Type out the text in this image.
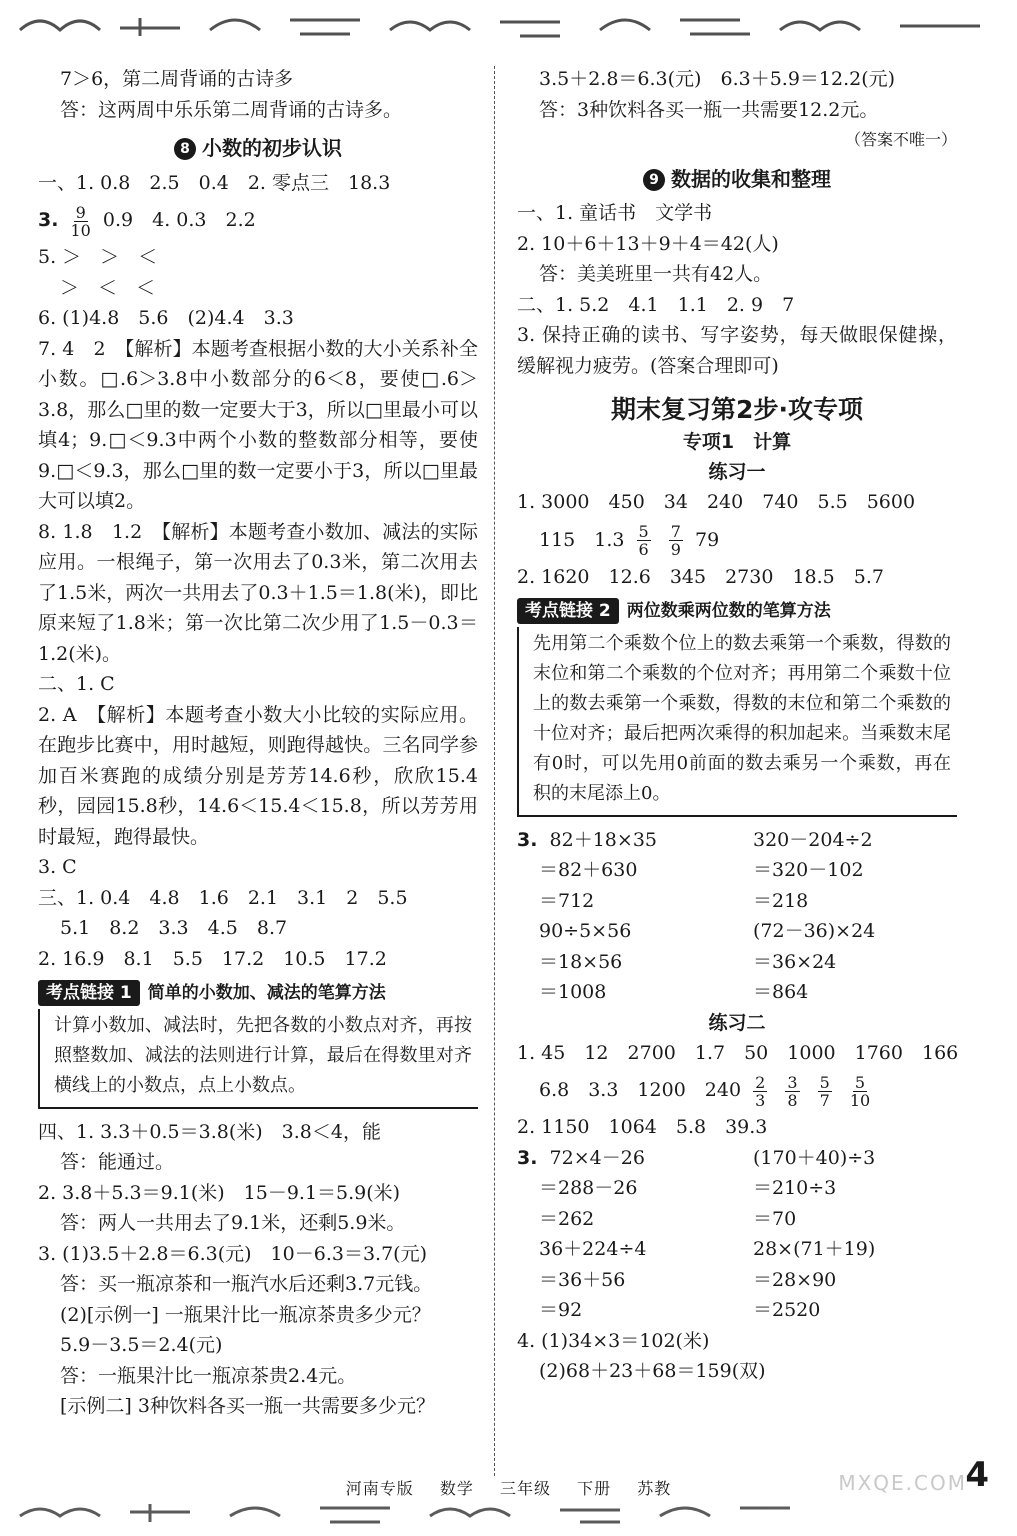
7＞6，第二周背诵的古诗多
答：这两周中乐乐第二周背诵的古诗多。
8 小数的初步认识
一、1. 0.8　2.5　0.4　2. 零点三　18.3
3. $\frac{9}{10} 0.9$　4. 0.3　2.2
5. ＞　＞　＜
＞　＜　＜
6. (1)4.8　5.6　(2)4.4　3.3
7. 4　2　【解析】本题考查根据小数的大小关系补全小数。□.6＞3.8中小数部分的6＜8，要使□.6＞3.8，那么□里的数一定要大于3，所以□里最小可以填4；9.□＜9.3中两个小数的整数部分相等，要使9.□＜9.3，那么□里的数一定要小于3，所以□里最大可以填2。
8. 1.8　1.2　【解析】本题考查小数加、减法的实际应用。一根绳子，第一次用去了0.3米，第二次用去了1.5米，两次一共用去了0.3＋1.5＝1.8(米)，即比原来短了1.8米；第一次比第二次少用了1.5－0.3＝1.2(米)。
二、1. C
2. A　【解析】本题考查小数大小比较的实际应用。在跑步比赛中，用时越短，则跑得越快。三名同学参加百米赛跑的成绩分别是芳芳14.6秒，欣欣15.4秒，园园15.8秒，14.6＜15.4＜15.8，所以芳芳用时最短，跑得最快。
3. C
三、1. 0.4　4.8　1.6　2.1　3.1　2　5.5
5.1　8.2　3.3　4.5　8.7
2. 16.9　8.1　5.5　17.2　10.5　17.2
考点链接 1 简单的小数加、减法的笔算方法
计算小数加、减法时，先把各数的小数点对齐，再按照整数加、减法的法则进行计算，最后在得数里对齐横线上的小数点，点上小数点。
四、1. 3.3＋0.5＝3.8(米)　3.8＜4，能
答：能通过。
2. 3.8＋5.3＝9.1(米)　15－9.1＝5.9(米)
答：两人一共用去了9.1米，还剩5.9米。
3. (1)3.5＋2.8＝6.3(元)　10－6.3＝3.7(元)
答：买一瓶凉茶和一瓶汽水后还剩3.7元钱。
(2)[示例一] 一瓶果汁比一瓶凉茶贵多少元？
5.9－3.5＝2.4(元)
答：一瓶果汁比一瓶凉茶贵2.4元。
[示例二] 3种饮料各买一瓶一共需要多少元？
3.5＋2.8＝6.3(元)　6.3＋5.9＝12.2(元)
答：3种饮料各买一瓶一共需要12.2元。
（答案不唯一）
9 数据的收集和整理
一、1. 童话书　文学书
2. 10＋6＋13＋9＋4＝42(人)
答：美美班里一共有42人。
二、1. 5.2　4.1　1.1　2. 9　7
3. 保持正确的读书、写字姿势，每天做眼保健操，缓解视力疲劳。(答案合理即可)
期末复习第2步·攻专项
专项1　计算
练习一
1. 3000　450　34　240　740　5.5　5600
115　$1.3 \frac{5}{6}$
$\frac{7}{9} 79$
2. 1620　12.6　345　2730　18.5　5.7
考点链接 2 两位数乘两位数的笔算方法
先用第二个乘数个位上的数去乘第一个乘数，得数的末位和第二个乘数的个位对齐；再用第二个乘数十位上的数去乘第一个乘数，得数的末位和第二个乘数的十位对齐；最后把两次乘得的积加起来。当乘数末尾有0时，可以先用0前面的数去乘另一个乘数，再在积的末尾添上0。
3. 82＋18×35
＝82＋630
＝712
90÷5×56
＝18×56
＝1008
320－204÷2
＝320－102
＝218
(72－36)×24
＝36×24
＝864
练习二
1. 45　12　2700　1.7　50　1000　1760　166
6.8　3.3　1200　$240 \frac{2}{3}$
$\frac{3}{8}$
$\frac{5}{7}$
$\frac{5}{10}$
2. 1150　1064　5.8　39.3
3. 72×4－26
＝288－26
＝262
36＋224÷4
＝36＋56
＝92
(170＋40)÷3
＝210÷3
＝70
28×(71＋19)
＝28×90
＝2520
4. (1)34×3＝102(米)
(2)68＋23＋68＝159(双)
河南专版 数学 三年级 下册 苏教	MXQE.COM
4
